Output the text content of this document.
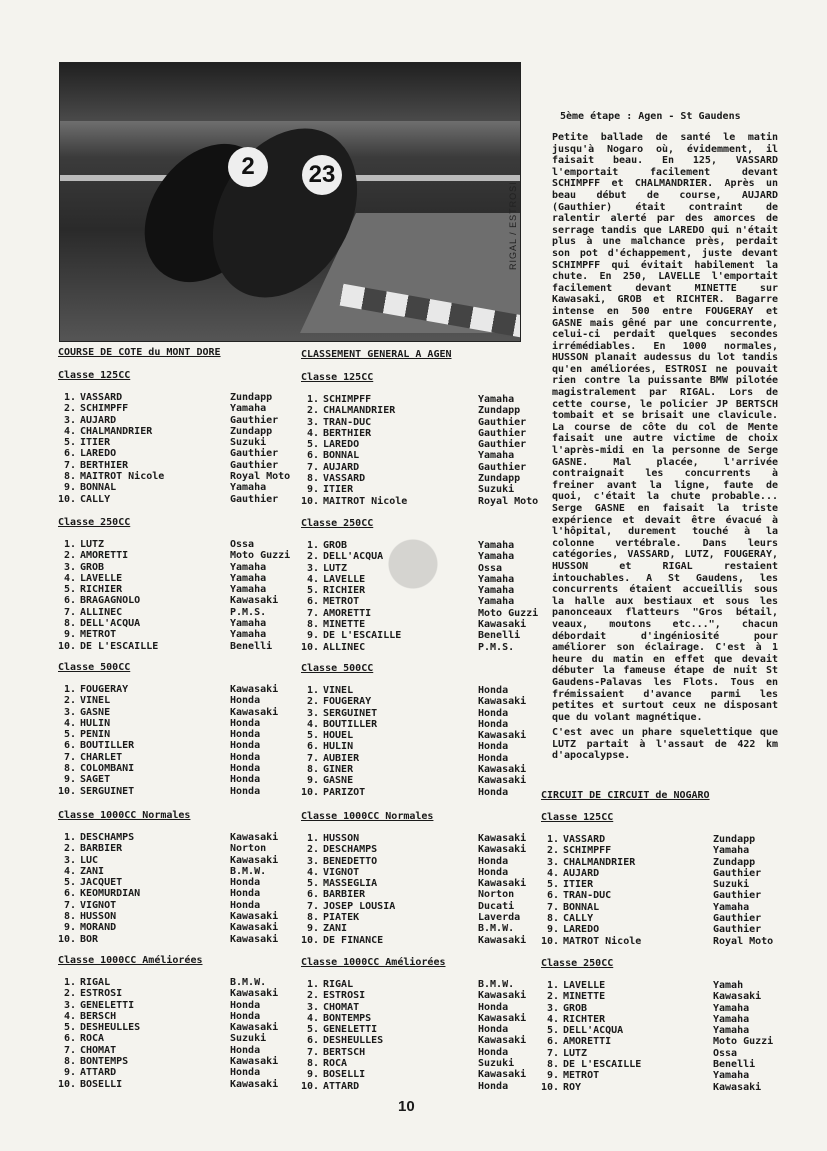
2	23
RIGAL / ESTROSI
5ème étape : Agen - St Gaudens

Petite ballade de santé le matin jusqu'à Nogaro où, évidemment, il faisait beau. En 125, VASSARD l'emportait facilement devant SCHIMPFF et CHALMANDRIER. Après un beau début de course, AUJARD (Gauthier) était contraint de ralentir alerté par des amorces de serrage tandis que LAREDO qui n'était plus à une malchance près, perdait son pot d'échappement, juste devant SCHIMPFF qui évitait habilement la chute. En 250, LAVELLE l'emportait facilement devant MINETTE sur Kawasaki, GROB et RICHTER. Bagarre intense en 500 entre FOUGERAY et GASNE mais gêné par une concurrente, celui-ci perdait quelques secondes irrémédiables. En 1000 normales, HUSSON planait audessus du lot tandis qu'en améliorées, ESTROSI ne pouvait rien contre la puissante BMW pilotée magistralement par RIGAL. Lors de cette course, le policier JP BERTSCH tombait et se brisait une clavicule. La course de côte du col de Mente faisait une autre victime de choix l'après-midi en la personne de Serge GASNE. Mal placée, l'arrivée contraignait les concurrents à freiner avant la ligne, faute de quoi, c'était la chute probable... Serge GASNE en faisait la triste expérience et devait être évacué à l'hôpital, durement touché à la colonne vertébrale. Dans leurs catégories, VASSARD, LUTZ, FOUGERAY, HUSSON et RIGAL restaient intouchables. A St Gaudens, les concurrents étaient accueillis sous la halle aux bestiaux et sous les panonceaux flatteurs "Gros bétail, veaux, moutons etc...", chacun débordait d'ingéniosité pour améliorer son éclairage. C'est à 1 heure du matin en effet que devait débuter la fameuse étape de nuit St Gaudens-Palavas les Flots. Tous en frémissaient d'avance parmi les petites et surtout ceux ne disposant que du volant magnétique.

C'est avec un phare squelettique que LUTZ partait à l'assaut de 422 km d'apocalypse.

COURSE DE COTE du MONT DORE
Classe 125CC
1. VASSARD	Zundapp
2. SCHIMPFF	Yamaha
3. AUJARD	Gauthier
4. CHALMANDRIER	Zundapp
5. ITIER	Suzuki
6. LAREDO	Gauthier
7. BERTHIER	Gauthier
8. MAITROT Nicole	Royal Moto
9. BONNAL	Yamaha
10. CALLY	Gauthier
Classe 250CC
1. LUTZ	Ossa
2. AMORETTI	Moto Guzzi
3. GROB	Yamaha
4. LAVELLE	Yamaha
5. RICHIER	Yamaha
6. BRAGAGNOLO	Kawasaki
7. ALLINEC	P.M.S.
8. DELL'ACQUA	Yamaha
9. METROT	Yamaha
10. DE L'ESCAILLE	Benelli
Classe 500CC
1. FOUGERAY	Kawasaki
2. VINEL	Honda
3. GASNE	Kawasaki
4. HULIN	Honda
5. PENIN	Honda
6. BOUTILLER	Honda
7. CHARLET	Honda
8. COLOMBANI	Honda
9. SAGET	Honda
10. SERGUINET	Honda
Classe 1000CC Normales
1. DESCHAMPS	Kawasaki
2. BARBIER	Norton
3. LUC	Kawasaki
4. ZANI	B.M.W.
5. JACQUET	Honda
6. KEOMURDIAN	Honda
7. VIGNOT	Honda
8. HUSSON	Kawasaki
9. MORAND	Kawasaki
10. BOR	Kawasaki
Classe 1000CC Améliorées
1. RIGAL	B.M.W.
2. ESTROSI	Kawasaki
3. GENELETTI	Honda
4. BERSCH	Honda
5. DESHEULLES	Kawasaki
6. ROCA	Suzuki
7. CHOMAT	Honda
8. BONTEMPS	Kawasaki
9. ATTARD	Honda
10. BOSELLI	Kawasaki
CLASSEMENT GENERAL A AGEN
Classe 125CC
1. SCHIMPFF	Yamaha
2. CHALMANDRIER	Zundapp
3. TRAN-DUC	Gauthier
4. BERTHIER	Gauthier
5. LAREDO	Gauthier
6. BONNAL	Yamaha
7. AUJARD	Gauthier
8. VASSARD	Zundapp
9. ITIER	Suzuki
10. MAITROT Nicole	Royal Moto
Classe 250CC
1. GROB	Yamaha
2. DELL'ACQUA	Yamaha
3. LUTZ	Ossa
4. LAVELLE	Yamaha
5. RICHIER	Yamaha
6. METROT	Yamaha
7. AMORETTI	Moto Guzzi
8. MINETTE	Kawasaki
9. DE L'ESCAILLE	Benelli
10. ALLINEC	P.M.S.
Classe 500CC
1. VINEL	Honda
2. FOUGERAY	Kawasaki
3. SERGUINET	Honda
4. BOUTILLER	Honda
5. HOUEL	Kawasaki
6. HULIN	Honda
7. AUBIER	Honda
8. GINER	Kawasaki
9. GASNE	Kawasaki
10. PARIZOT	Honda
Classe 1000CC Normales
1. HUSSON	Kawasaki
2. DESCHAMPS	Kawasaki
3. BENEDETTO	Honda
4. VIGNOT	Honda
5. MASSEGLIA	Kawasaki
6. BARBIER	Norton
7. JOSEP LOUSIA	Ducati
8. PIATEK	Laverda
9. ZANI	B.M.W.
10. DE FINANCE	Kawasaki
Classe 1000CC Améliorées
1. RIGAL	B.M.W.
2. ESTROSI	Kawasaki
3. CHOMAT	Honda
4. BONTEMPS	Kawasaki
5. GENELETTI	Honda
6. DESHEULLES	Kawasaki
7. BERTSCH	Honda
8. ROCA	Suzuki
9. BOSELLI	Kawasaki
10. ATTARD	Honda
CIRCUIT DE CIRCUIT de NOGARO
Classe 125CC
1. VASSARD	Zundapp
2. SCHIMPFF	Yamaha
3. CHALMANDRIER	Zundapp
4. AUJARD	Gauthier
5. ITIER	Suzuki
6. TRAN-DUC	Gauthier
7. BONNAL	Yamaha
8. CALLY	Gauthier
9. LAREDO	Gauthier
10. MATROT Nicole	Royal Moto
Classe 250CC
1. LAVELLE	Yamah
2. MINETTE	Kawasaki
3. GROB	Yamaha
4. RICHTER	Yamaha
5. DELL'ACQUA	Yamaha
6. AMORETTI	Moto Guzzi
7. LUTZ	Ossa
8. DE L'ESCAILLE	Benelli
9. METROT	Yamaha
10. ROY	Kawasaki
10
